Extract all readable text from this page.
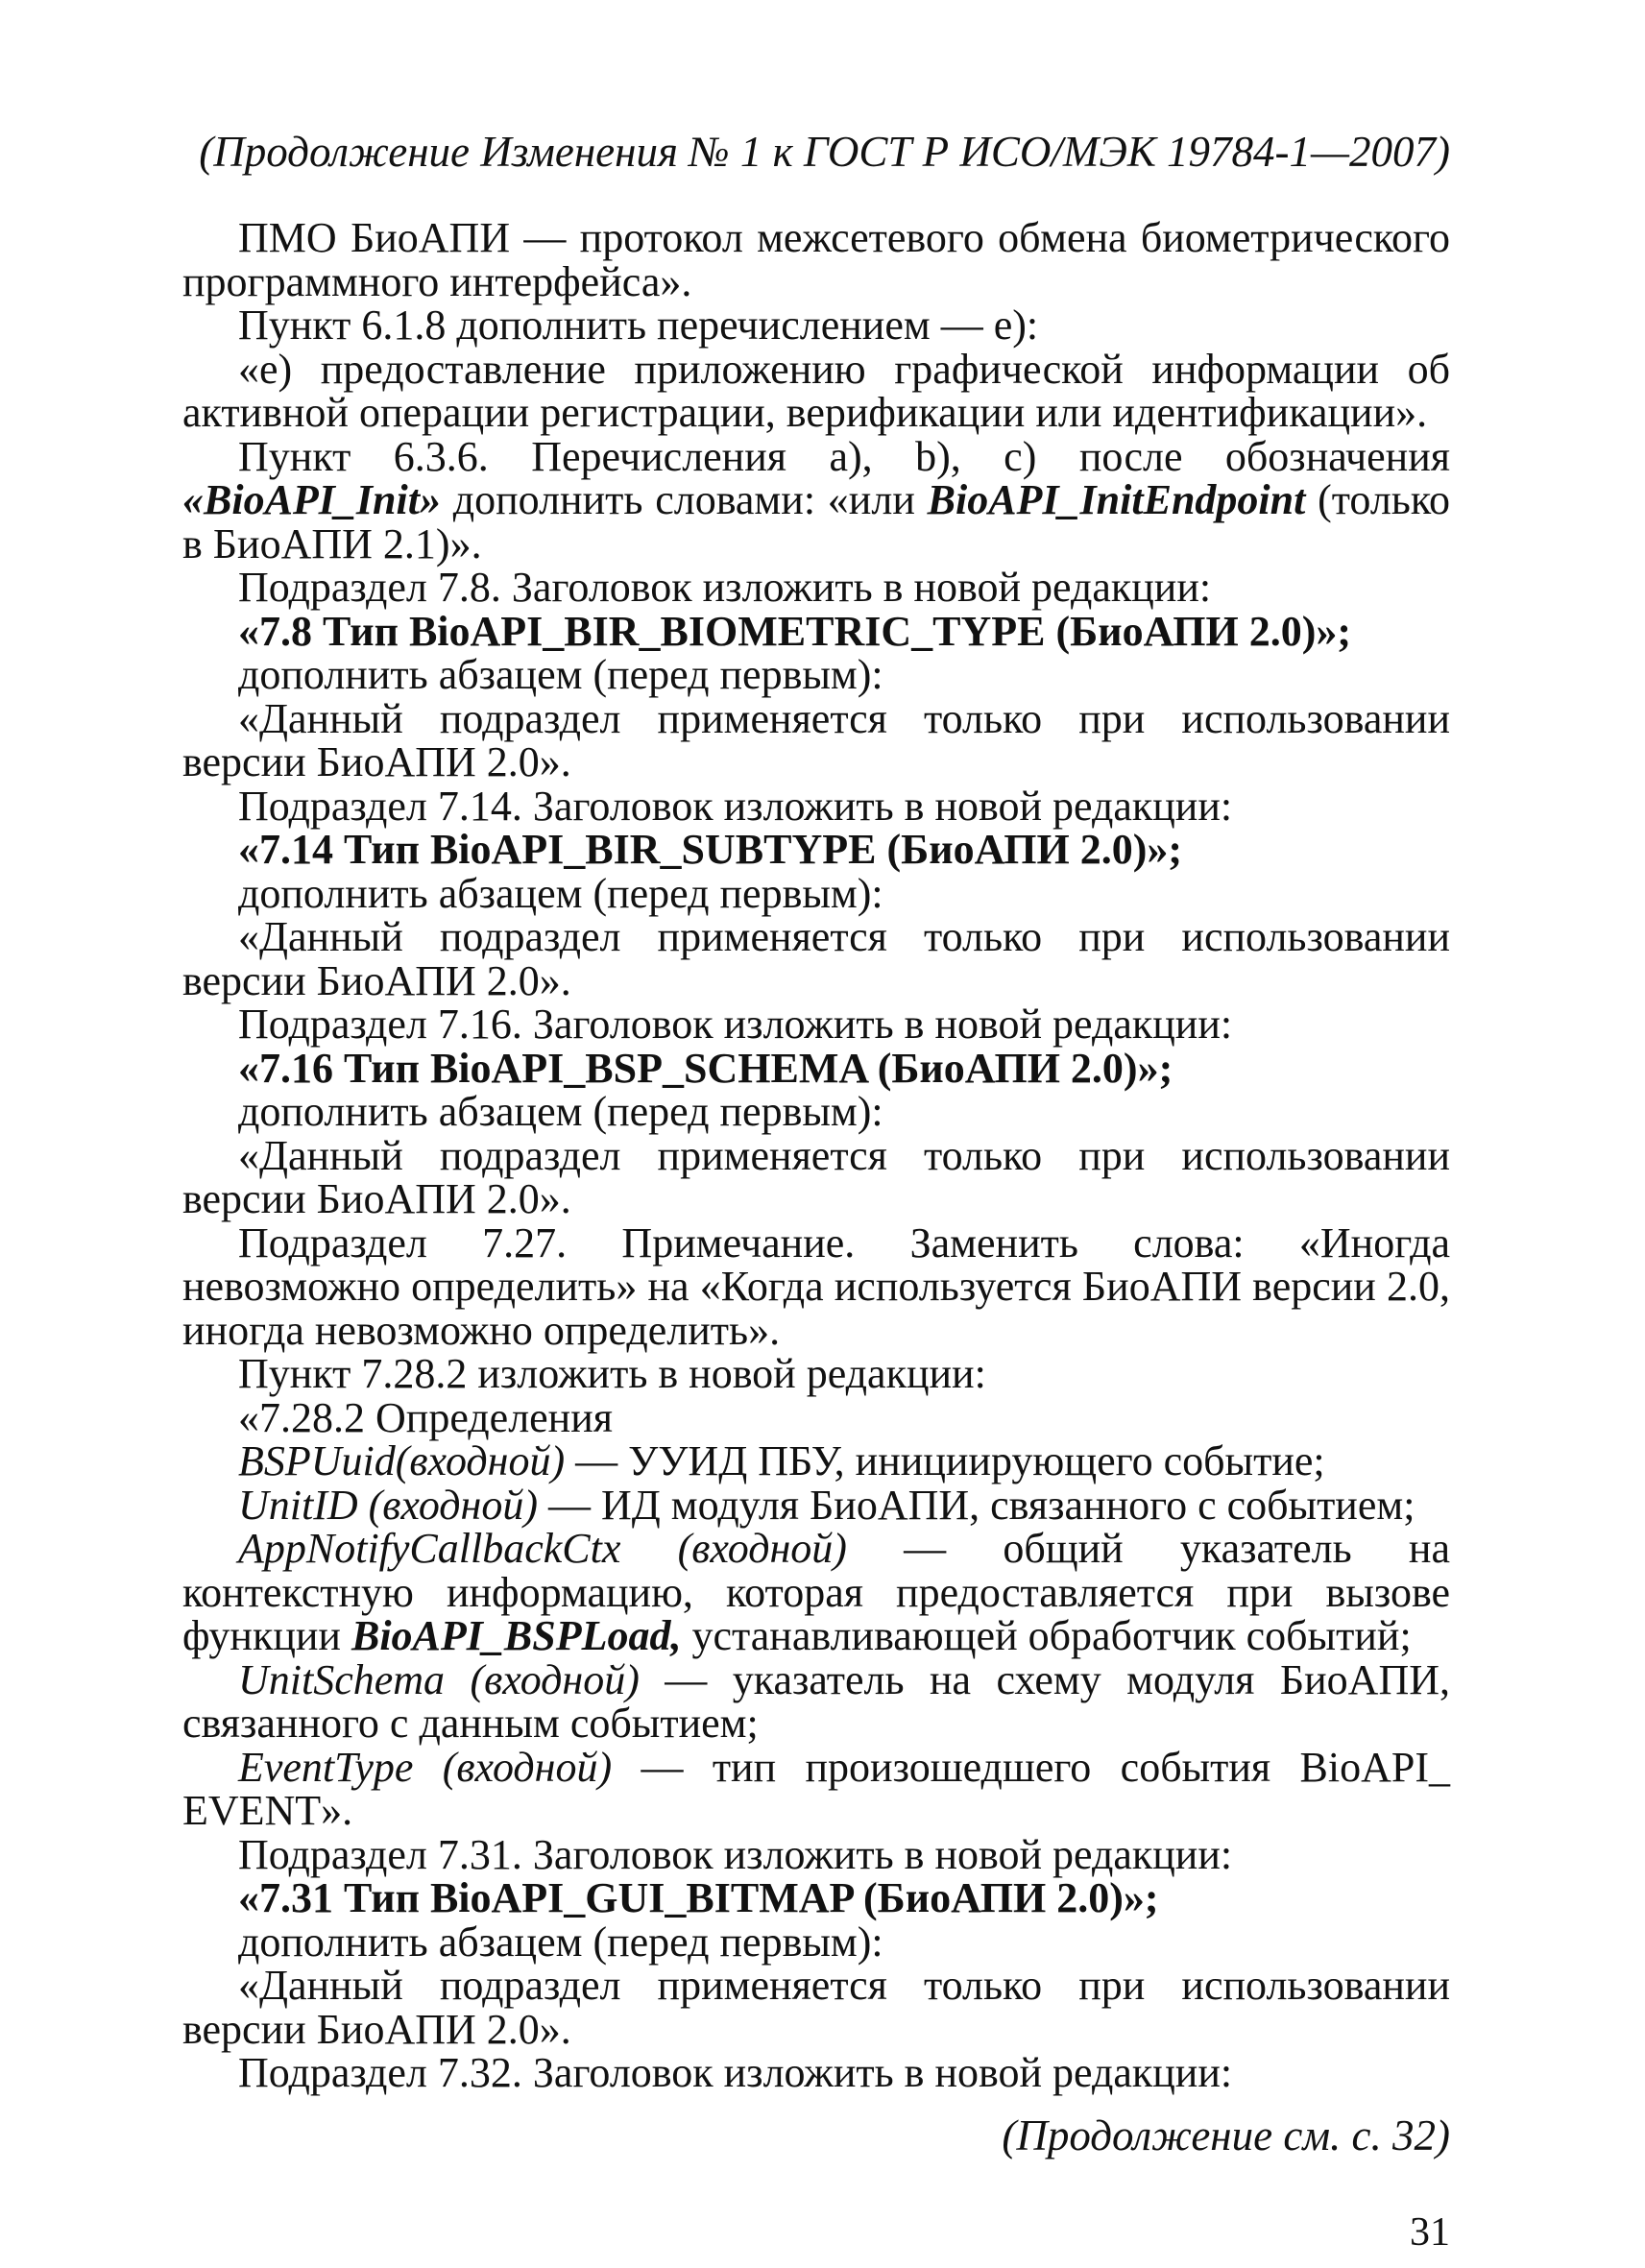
(Продолжение Изменения № 1 к ГОСТ Р ИСО/МЭК 19784-1—2007)

ПМО БиоАПИ — протокол межсетевого обмена биометрического программного интерфейса».

Пункт 6.1.8 дополнить перечислением — е):

«е) предоставление приложению графической информации об активной операции регистрации, верификации или идентификации».

Пункт 6.3.6. Перечисления а), b), с) после обозначения «BioAPI_Init» дополнить словами: «или BioAPI_InitEndpoint (только в БиоАПИ 2.1)».

Подраздел 7.8. Заголовок изложить в новой редакции:

«7.8 Тип BioAPI_BIR_BIOMETRIC_TYPE (БиоАПИ 2.0)»;

дополнить абзацем (перед первым):

«Данный подраздел применяется только при использовании версии БиоАПИ 2.0».

Подраздел 7.14. Заголовок изложить в новой редакции:

«7.14 Тип BioAPI_BIR_SUBTYPE (БиоАПИ 2.0)»;

дополнить абзацем (перед первым):

«Данный подраздел применяется только при использовании версии БиоАПИ 2.0».

Подраздел 7.16. Заголовок изложить в новой редакции:

«7.16 Тип BioAPI_BSP_SCHEMA (БиоАПИ 2.0)»;

дополнить абзацем (перед первым):

«Данный подраздел применяется только при использовании версии БиоАПИ 2.0».

Подраздел 7.27. Примечание. Заменить слова: «Иногда невозможно определить» на «Когда используется БиоАПИ версии 2.0, иногда невозможно определить».

Пункт 7.28.2 изложить в новой редакции:

«7.28.2 Определения

BSPUuid(входной) — УУИД ПБУ, инициирующего событие;

UnitID (входной) — ИД модуля БиоАПИ, связанного с событием;

AppNotifyCallbackCtx (входной) — общий указатель на контекстную информацию, которая предоставляется при вызове функции BioAPI_BSPLoad, устанавливающей обработчик событий;

UnitSchema (входной) — указатель на схему модуля БиоАПИ, связанного с данным событием;

EventType (входной) — тип произошедшего события BioAPI_ EVENT».

Подраздел 7.31. Заголовок изложить в новой редакции:

«7.31 Тип BioAPI_GUI_BITMAP (БиоАПИ 2.0)»;

дополнить абзацем (перед первым):

«Данный подраздел применяется только при использовании версии БиоАПИ 2.0».

Подраздел 7.32. Заголовок изложить в новой редакции:

(Продолжение см. с. 32)
31
